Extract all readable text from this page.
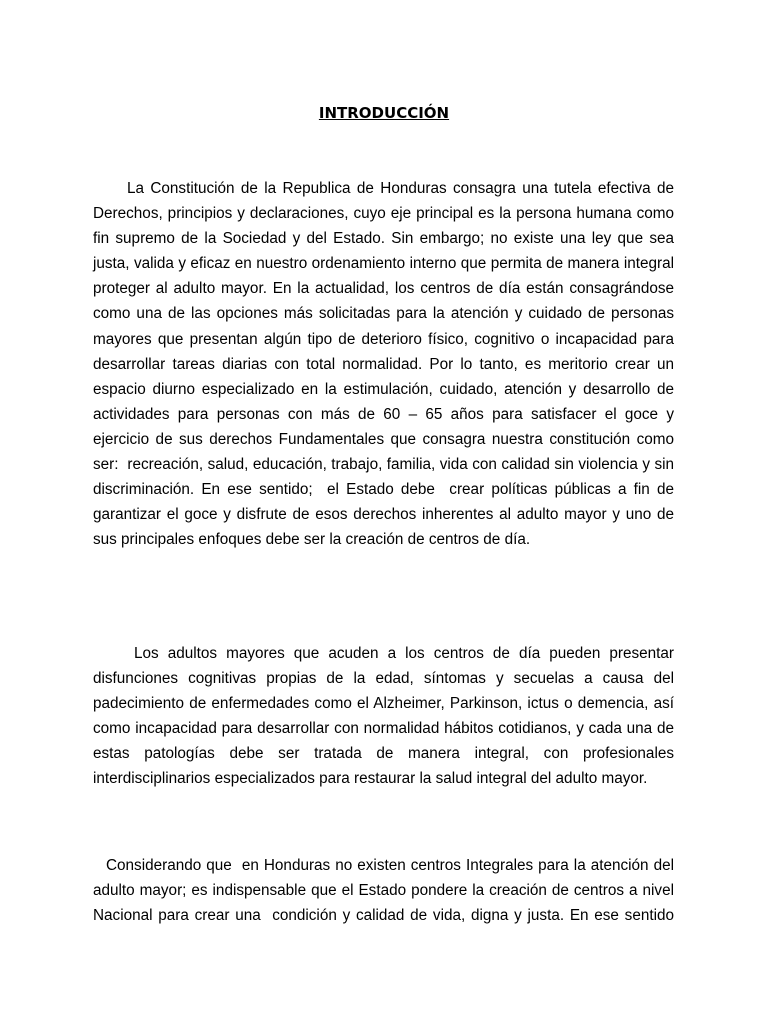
INTRODUCCIÓN

La Constitución de la Republica de Honduras consagra una tutela efectiva de Derechos, principios y declaraciones, cuyo eje principal es la persona humana como fin supremo de la Sociedad y del Estado. Sin embargo; no existe una ley que sea justa, valida y eficaz en nuestro ordenamiento interno que permita de manera integral proteger al adulto mayor. En la actualidad, los centros de día están consagrándose como una de las opciones más solicitadas para la atención y cuidado de personas mayores que presentan algún tipo de deterioro físico, cognitivo o incapacidad para desarrollar tareas diarias con total normalidad. Por lo tanto, es meritorio crear un espacio diurno especializado en la estimulación, cuidado, atención y desarrollo de actividades para personas con más de 60 – 65 años para satisfacer el goce y ejercicio de sus derechos Fundamentales que consagra nuestra constitución como ser:  recreación, salud, educación, trabajo, familia, vida con calidad sin violencia y sin discriminación. En ese sentido;  el Estado debe  crear políticas públicas a fin de garantizar el goce y disfrute de esos derechos inherentes al adulto mayor y uno de sus principales enfoques debe ser la creación de centros de día.

Los adultos mayores que acuden a los centros de día pueden presentar disfunciones cognitivas propias de la edad, síntomas y secuelas a causa del padecimiento de enfermedades como el Alzheimer, Parkinson, ictus o demencia, así como incapacidad para desarrollar con normalidad hábitos cotidianos, y cada una de estas patologías debe ser tratada de manera integral, con profesionales interdisciplinarios especializados para restaurar la salud integral del adulto mayor.

Considerando que  en Honduras no existen centros Integrales para la atención del adulto mayor; es indispensable que el Estado pondere la creación de centros a nivel Nacional para crear una  condición y calidad de vida, digna y justa. En ese sentido
